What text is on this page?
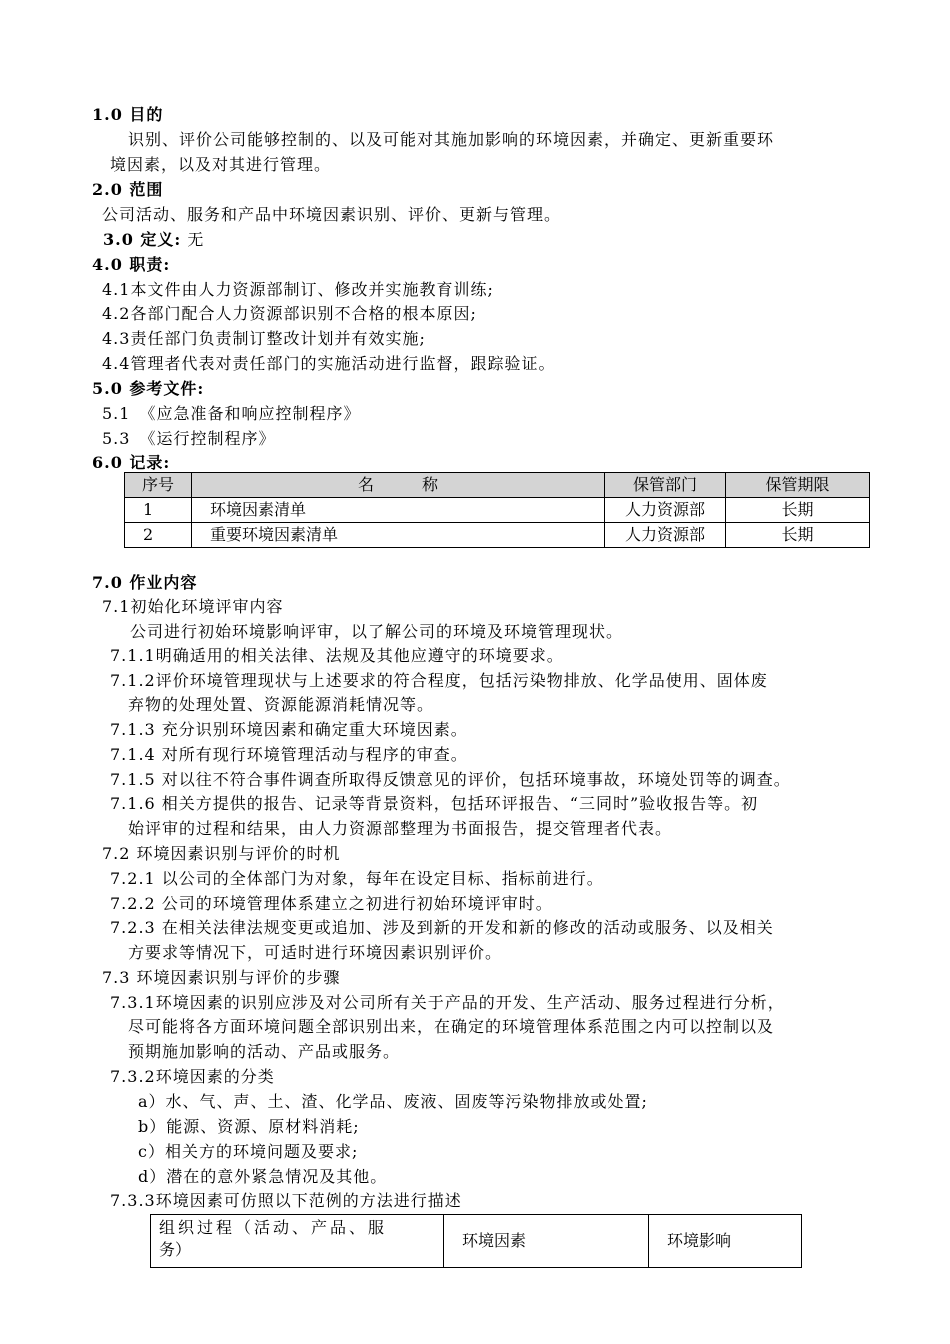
1.0 目的
识别、评价公司能够控制的、以及可能对其施加影响的环境因素，并确定、更新重要环
境因素，以及对其进行管理。
2.0 范围
公司活动、服务和产品中环境因素识别、评价、更新与管理。
3.0 定义: 无
4.0 职责:
4.1本文件由人力资源部制订、修改并实施教育训练;
4.2各部门配合人力资源部识别不合格的根本原因;
4.3责任部门负责制订整改计划并有效实施;
4.4管理者代表对责任部门的实施活动进行监督，跟踪验证。
5.0 参考文件:
5.1　《应急准备和响应控制程序》
5.3　《运行控制程序》
6.0 记录:
序号	名　　　称	保管部门	保管期限
1	环境因素清单	人力资源部	长期
2	重要环境因素清单	人力资源部	长期
7.0 作业内容
7.1初始化环境评审内容
公司进行初始环境影响评审，以了解公司的环境及环境管理现状。
7.1.1明确适用的相关法律、法规及其他应遵守的环境要求。
7.1.2评价环境管理现状与上述要求的符合程度，包括污染物排放、化学品使用、固体废
弃物的处理处置、资源能源消耗情况等。
7.1.3 充分识别环境因素和确定重大环境因素。
7.1.4 对所有现行环境管理活动与程序的审查。
7.1.5 对以往不符合事件调查所取得反馈意见的评价，包括环境事故，环境处罚等的调查。
7.1.6 相关方提供的报告、记录等背景资料，包括环评报告、“三同时”验收报告等。初
始评审的过程和结果，由人力资源部整理为书面报告，提交管理者代表。
7.2 环境因素识别与评价的时机
7.2.1 以公司的全体部门为对象，每年在设定目标、指标前进行。
7.2.2 公司的环境管理体系建立之初进行初始环境评审时。
7.2.3 在相关法律法规变更或追加、涉及到新的开发和新的修改的活动或服务、以及相关
方要求等情况下，可适时进行环境因素识别评价。
7.3 环境因素识别与评价的步骤
7.3.1环境因素的识别应涉及对公司所有关于产品的开发、生产活动、服务过程进行分析，
尽可能将各方面环境问题全部识别出来，在确定的环境管理体系范围之内可以控制以及
预期施加影响的活动、产品或服务。
7.3.2环境因素的分类
a）水、气、声、土、渣、化学品、废液、固废等污染物排放或处置;
b）能源、资源、原材料消耗;
c）相关方的环境问题及要求;
d）潜在的意外紧急情况及其他。
7.3.3环境因素可仿照以下范例的方法进行描述
组织过程（活动、产品、服
务）	环境因素	环境影响
